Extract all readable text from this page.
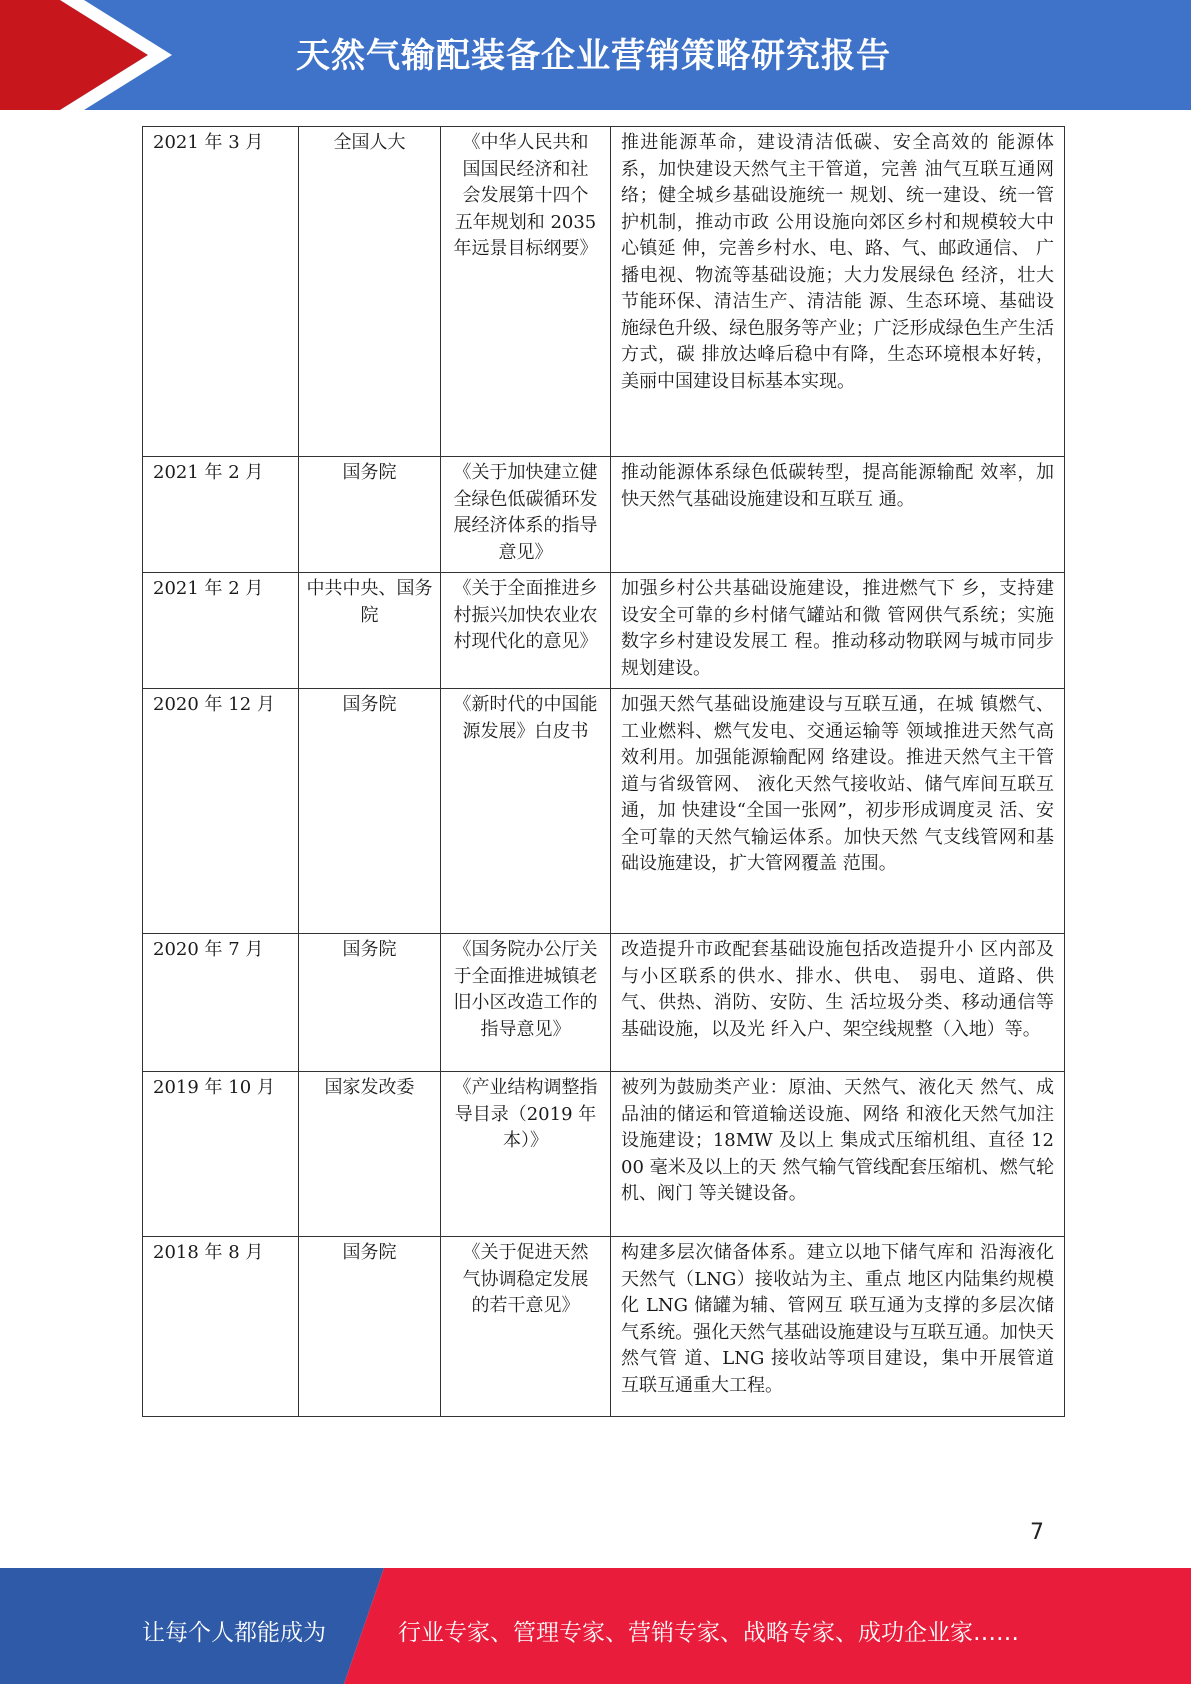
天然气输配装备企业营销策略研究报告
2021 年 3 月	全国人大	《中华人民共和 国国民经济和社 会发展第十四个 五年规划和 2035 年远景目标纲要》	推进能源革命，建设清洁低碳、安全高效的 能源体系，加快建设天然气主干管道，完善 油气互联互通网络；健全城乡基础设施统一 规划、统一建设、统一管护机制，推动市政 公用设施向郊区乡村和规模较大中心镇延 伸，完善乡村水、电、路、气、邮政通信、 广播电视、物流等基础设施；大力发展绿色 经济，壮大节能环保、清洁生产、清洁能 源、生态环境、基础设施绿色升级、绿色服务等产业；广泛形成绿色生产生活方式，碳 排放达峰后稳中有降，生态环境根本好转， 美丽中国建设目标基本实现。
2021 年 2 月	国务院	《关于加快建立健全绿色低碳循环发展经济体系的指导意见》	推动能源体系绿色低碳转型，提高能源输配 效率，加快天然气基础设施建设和互联互 通。
2021 年 2 月	中共中央、国务院	《关于全面推进乡村振兴加快农业农村现代化的意见》	加强乡村公共基础设施建设，推进燃气下 乡，支持建设安全可靠的乡村储气罐站和微 管网供气系统；实施数字乡村建设发展工 程。推动移动物联网与城市同步规划建设。
2020 年 12 月	国务院	《新时代的中国能源发展》白皮书	加强天然气基础设施建设与互联互通，在城 镇燃气、工业燃料、燃气发电、交通运输等 领域推进天然气高效利用。加强能源输配网 络建设。推进天然气主干管道与省级管网、 液化天然气接收站、储气库间互联互通，加 快建设“全国一张网”，初步形成调度灵 活、安全可靠的天然气输运体系。加快天然 气支线管网和基础设施建设，扩大管网覆盖 范围。
2020 年 7 月	国务院	《国务院办公厅关于全面推进城镇老旧小区改造工作的指导意见》	改造提升市政配套基础设施包括改造提升小 区内部及与小区联系的供水、排水、供电、 弱电、道路、供气、供热、消防、安防、生 活垃圾分类、移动通信等基础设施，以及光 纤入户、架空线规整（入地）等。
2019 年 10 月	国家发改委	《产业结构调整指导目录（2019 年本）》	被列为鼓励类产业：原油、天然气、液化天 然气、成品油的储运和管道输送设施、网络 和液化天然气加注设施建设；18MW 及以上 集成式压缩机组、直径 1200 毫米及以上的天 然气输气管线配套压缩机、燃气轮机、阀门 等关键设备。
2018 年 8 月	国务院	《关于促进天然 气协调稳定发展 的若干意见》	构建多层次储备体系。建立以地下储气库和 沿海液化天然气（LNG）接收站为主、重点 地区内陆集约规模化 LNG 储罐为辅、管网互 联互通为支撑的多层次储气系统。强化天然气基础设施建设与互联互通。加快天然气管 道、LNG 接收站等项目建设，集中开展管道 互联互通重大工程。
7
让每个人都能成为	行业专家、管理专家、营销专家、战略专家、成功企业家……
